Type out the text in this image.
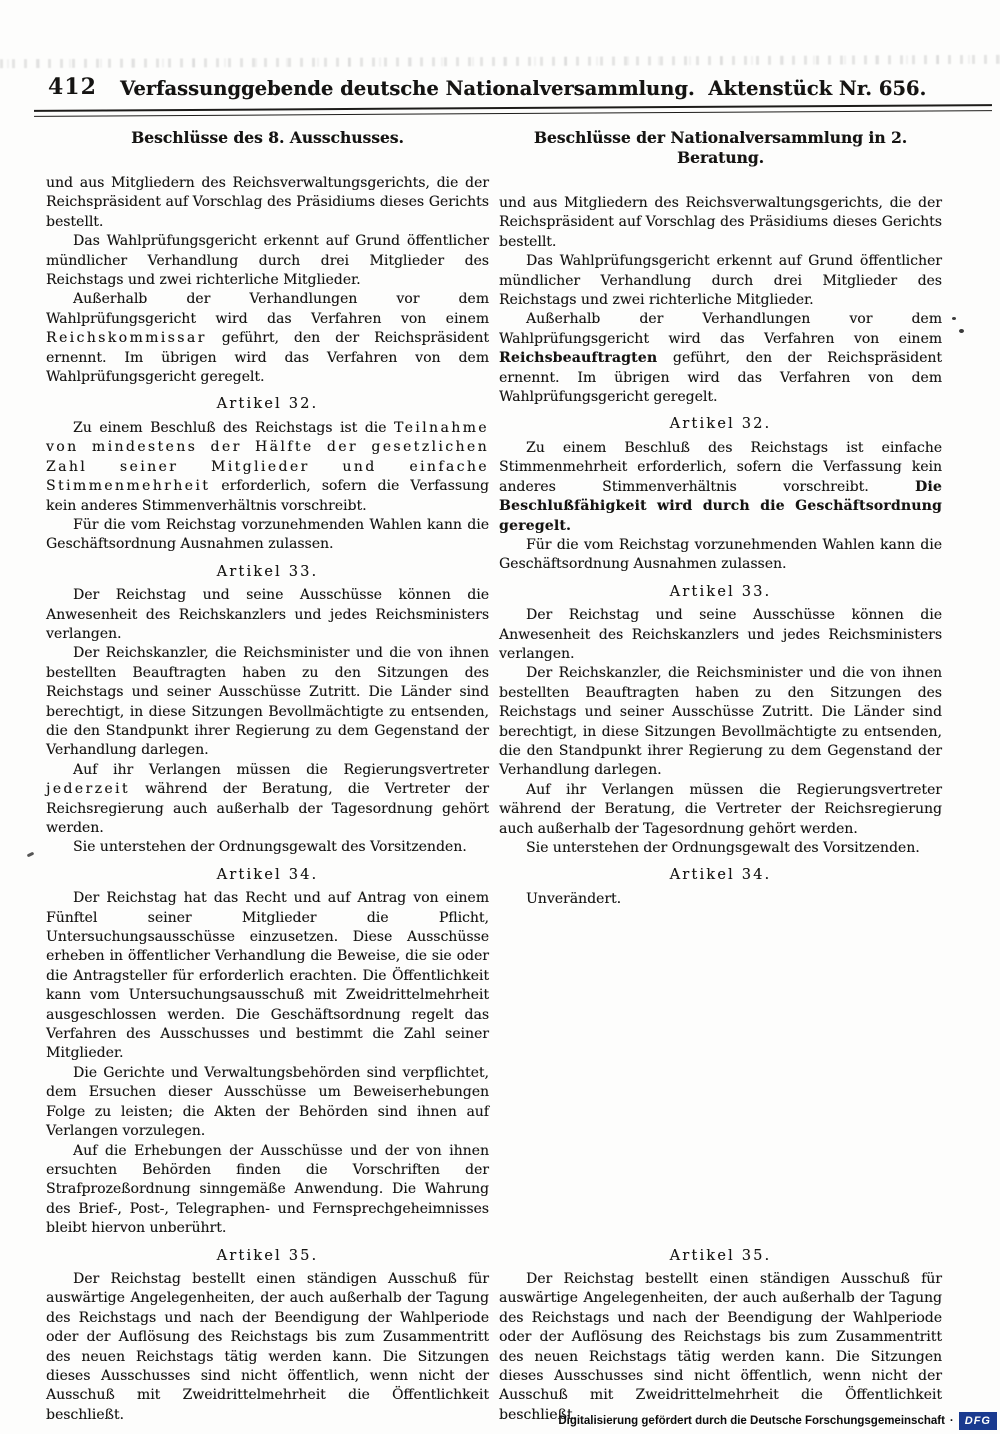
412 Verfassunggebende deutsche Nationalversammlung. Aktenstück Nr. 656.
Beschlüsse des 8. Ausschusses.

und aus Mitgliedern des Reichsverwaltungsgerichts, die der Reichspräsident auf Vorschlag des Präsidiums dieses Gerichts bestellt.

Das Wahlprüfungsgericht erkennt auf Grund öffentlicher mündlicher Verhandlung durch drei Mitglieder des Reichstags und zwei richterliche Mitglieder.

Außerhalb der Verhandlungen vor dem Wahlprüfungsgericht wird das Verfahren von einem Reichskommissar geführt, den der Reichspräsident ernennt. Im übrigen wird das Verfahren von dem Wahlprüfungsgericht geregelt.

Artikel 32.

Zu einem Beschluß des Reichstags ist die Teilnahme von mindestens der Hälfte der gesetzlichen Zahl seiner Mitglieder und einfache Stimmenmehrheit erforderlich, sofern die Verfassung kein anderes Stimmenverhältnis vorschreibt.

Für die vom Reichstag vorzunehmenden Wahlen kann die Geschäftsordnung Ausnahmen zulassen.

Artikel 33.

Der Reichstag und seine Ausschüsse können die Anwesenheit des Reichskanzlers und jedes Reichsministers verlangen.

Der Reichskanzler, die Reichsminister und die von ihnen bestellten Beauftragten haben zu den Sitzungen des Reichstags und seiner Ausschüsse Zutritt. Die Länder sind berechtigt, in diese Sitzungen Bevollmächtigte zu entsenden, die den Standpunkt ihrer Regierung zu dem Gegenstand der Verhandlung darlegen.

Auf ihr Verlangen müssen die Regierungsvertreter jederzeit während der Beratung, die Vertreter der Reichsregierung auch außerhalb der Tagesordnung gehört werden.

Sie unterstehen der Ordnungsgewalt des Vorsitzenden.

Artikel 34.

Der Reichstag hat das Recht und auf Antrag von einem Fünftel seiner Mitglieder die Pflicht, Untersuchungsausschüsse einzusetzen. Diese Ausschüsse erheben in öffentlicher Verhandlung die Beweise, die sie oder die Antragsteller für erforderlich erachten. Die Öffentlichkeit kann vom Untersuchungsausschuß mit Zweidrittelmehrheit ausgeschlossen werden. Die Geschäftsordnung regelt das Verfahren des Ausschusses und bestimmt die Zahl seiner Mitglieder.

Die Gerichte und Verwaltungsbehörden sind verpflichtet, dem Ersuchen dieser Ausschüsse um Beweiserhebungen Folge zu leisten; die Akten der Behörden sind ihnen auf Verlangen vorzulegen.

Auf die Erhebungen der Ausschüsse und der von ihnen ersuchten Behörden finden die Vorschriften der Strafprozeßordnung sinngemäße Anwendung. Die Wahrung des Brief-, Post-, Telegraphen- und Fernsprechgeheimnisses bleibt hiervon unberührt.

Beschlüsse der Nationalversammlung in 2. Beratung.

und aus Mitgliedern des Reichsverwaltungsgerichts, die der Reichspräsident auf Vorschlag des Präsidiums dieses Gerichts bestellt.

Das Wahlprüfungsgericht erkennt auf Grund öffentlicher mündlicher Verhandlung durch drei Mitglieder des Reichstags und zwei richterliche Mitglieder.

Außerhalb der Verhandlungen vor dem Wahlprüfungsgericht wird das Verfahren von einem Reichsbeauftragten geführt, den der Reichspräsident ernennt. Im übrigen wird das Verfahren von dem Wahlprüfungsgericht geregelt.

Artikel 32.

Zu einem Beschluß des Reichstags ist einfache Stimmenmehrheit erforderlich, sofern die Verfassung kein anderes Stimmenverhältnis vorschreibt. Die Beschlußfähigkeit wird durch die Geschäftsordnung geregelt.

Für die vom Reichstag vorzunehmenden Wahlen kann die Geschäftsordnung Ausnahmen zulassen.

Artikel 33.

Der Reichstag und seine Ausschüsse können die Anwesenheit des Reichskanzlers und jedes Reichsministers verlangen.

Der Reichskanzler, die Reichsminister und die von ihnen bestellten Beauftragten haben zu den Sitzungen des Reichstags und seiner Ausschüsse Zutritt. Die Länder sind berechtigt, in diese Sitzungen Bevollmächtigte zu entsenden, die den Standpunkt ihrer Regierung zu dem Gegenstand der Verhandlung darlegen.

Auf ihr Verlangen müssen die Regierungsvertreter während der Beratung, die Vertreter der Reichsregierung auch außerhalb der Tagesordnung gehört werden.

Sie unterstehen der Ordnungsgewalt des Vorsitzenden.

Artikel 34.

Unverändert.

Artikel 35.

Der Reichstag bestellt einen ständigen Ausschuß für auswärtige Angelegenheiten, der auch außerhalb der Tagung des Reichstags und nach der Beendigung der Wahlperiode oder der Auflösung des Reichstags bis zum Zusammentritt des neuen Reichstags tätig werden kann. Die Sitzungen dieses Ausschusses sind nicht öffentlich, wenn nicht der Ausschuß mit Zweidrittelmehrheit die Öffentlichkeit beschließt.

Artikel 35.

Der Reichstag bestellt einen ständigen Ausschuß für auswärtige Angelegenheiten, der auch außerhalb der Tagung des Reichstags und nach der Beendigung der Wahlperiode oder der Auflösung des Reichstags bis zum Zusammentritt des neuen Reichstags tätig werden kann. Die Sitzungen dieses Ausschusses sind nicht öffentlich, wenn nicht der Ausschuß mit Zweidrittelmehrheit die Öffentlichkeit beschließt.

Digitalisierung gefördert durch die Deutsche Forschungsgemeinschaft ·	DFG
